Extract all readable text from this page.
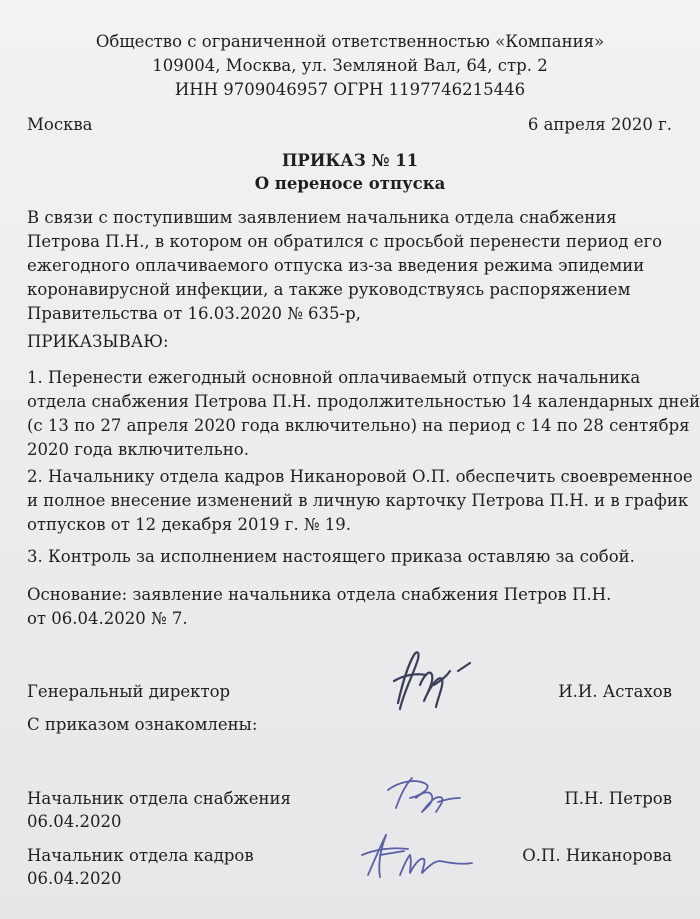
Общество с ограниченной ответственностью «Компания»
109004, Москва, ул. Земляной Вал, 64, стр. 2
ИНН 9709046957 ОГРН 1197746215446
Москва	6 апреля 2020 г.
ПРИКАЗ № 11
О переносе отпуска
В связи с поступившим заявлением начальника отдела снабжения
Петрова П.Н., в котором он обратился с просьбой перенести период его
ежегодного оплачиваемого отпуска из-за введения режима эпидемии
коронавирусной инфекции, а также руководствуясь распоряжением
Правительства от 16.03.2020 № 635-р,
ПРИКАЗЫВАЮ:
1. Перенести ежегодный основной оплачиваемый отпуск начальника
отдела снабжения Петрова П.Н. продолжительностью 14 календарных дней
(с 13 по 27 апреля 2020 года включительно) на период с 14 по 28 сентября
2020 года включительно.
2. Начальнику отдела кадров Никаноровой О.П. обеспечить своевременное
и полное внесение изменений в личную карточку Петрова П.Н. и в график
отпусков от 12 декабря 2019 г. № 19.
3. Контроль за исполнением настоящего приказа оставляю за собой.
Основание: заявление начальника отдела снабжения Петров П.Н.
от 06.04.2020 № 7.
Генеральный директор	И.И. Астахов
С приказом ознакомлены:
Начальник отдела снабжения	П.Н. Петров
06.04.2020
Начальник отдела кадров	О.П. Никанорова
06.04.2020
